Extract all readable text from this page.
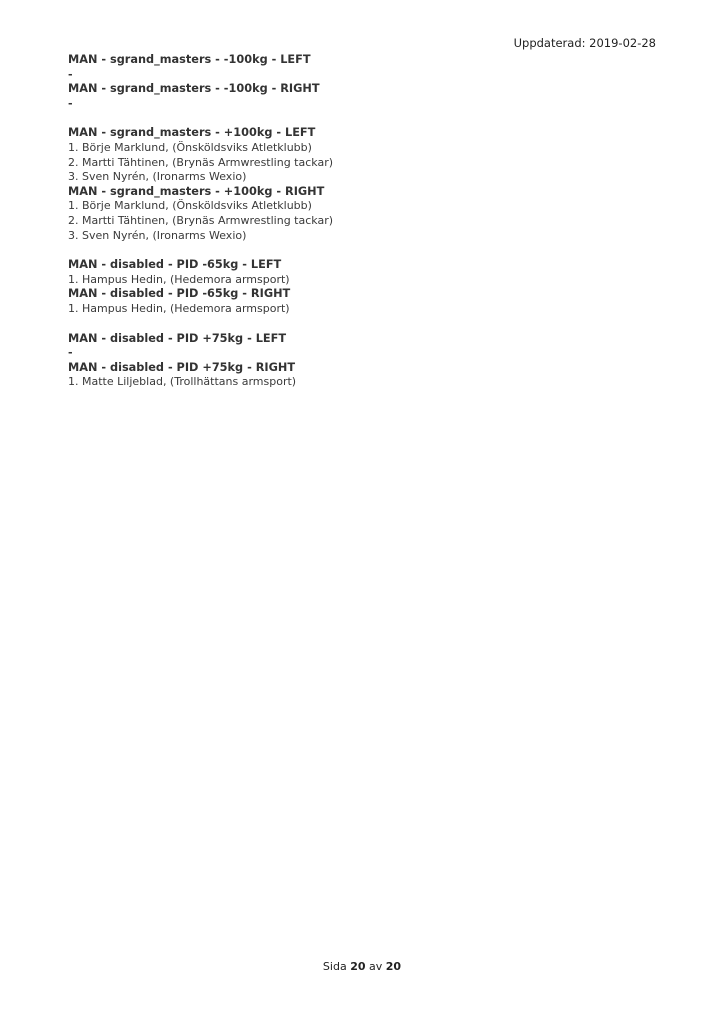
Uppdaterad: 2019-02-28
MAN - sgrand_masters - -100kg - LEFT
-
MAN - sgrand_masters - -100kg - RIGHT
-
MAN - sgrand_masters - +100kg - LEFT
1. Börje Marklund, (Önsköldsviks Atletklubb)
2. Martti Tähtinen, (Brynäs Armwrestling tackar)
3. Sven Nyrén, (Ironarms Wexio)
MAN - sgrand_masters - +100kg - RIGHT
1. Börje Marklund, (Önsköldsviks Atletklubb)
2. Martti Tähtinen, (Brynäs Armwrestling tackar)
3. Sven Nyrén, (Ironarms Wexio)
MAN - disabled - PID -65kg - LEFT
1. Hampus Hedin, (Hedemora armsport)
MAN - disabled - PID -65kg - RIGHT
1. Hampus Hedin, (Hedemora armsport)
MAN - disabled - PID +75kg - LEFT
-
MAN - disabled - PID +75kg - RIGHT
1. Matte Liljeblad, (Trollhättans armsport)
Sida 20 av 20
